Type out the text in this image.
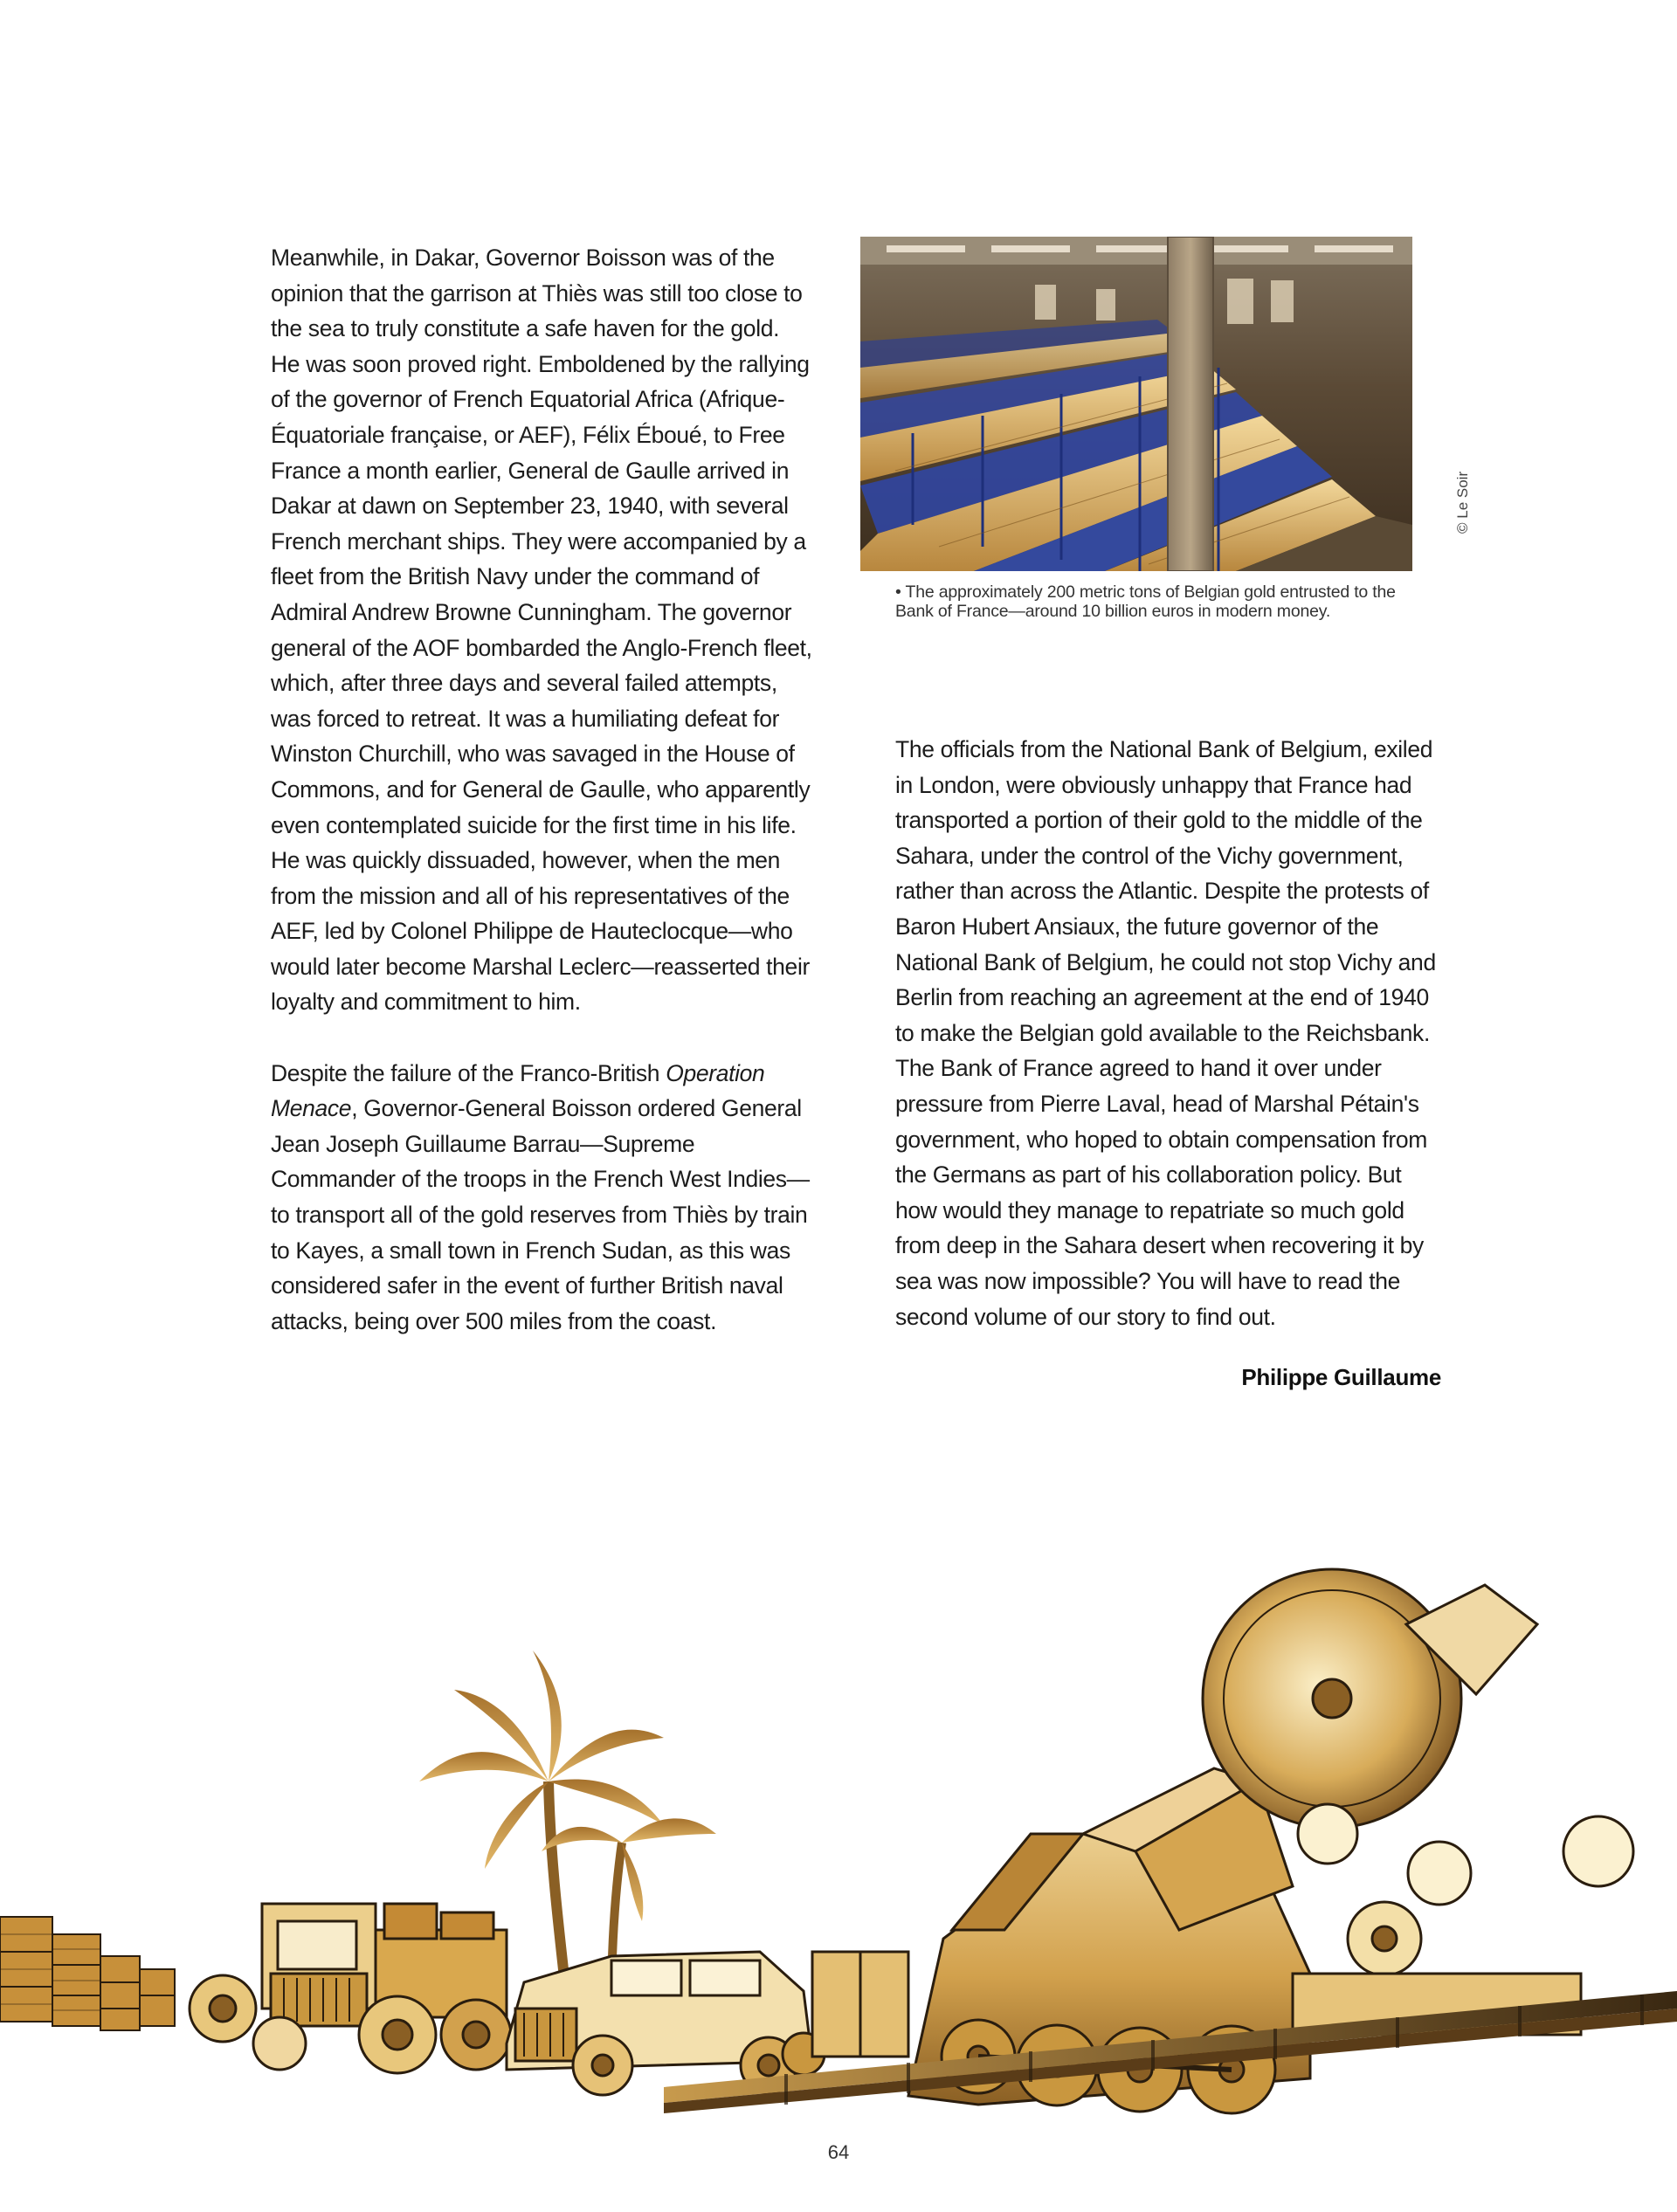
Meanwhile, in Dakar, Governor Boisson was of the opinion that the garrison at Thiès was still too close to the sea to truly constitute a safe haven for the gold. He was soon proved right. Emboldened by the rallying of the governor of French Equatorial Africa (Afrique-Équatoriale française, or AEF), Félix Éboué, to Free France a month earlier, General de Gaulle arrived in Dakar at dawn on September 23, 1940, with several French merchant ships. They were accompanied by a fleet from the British Navy under the command of Admiral Andrew Browne Cunningham. The governor general of the AOF bombarded the Anglo-French fleet, which, after three days and several failed attempts, was forced to retreat. It was a humiliating defeat for Winston Churchill, who was savaged in the House of Commons, and for General de Gaulle, who apparently even contemplated suicide for the first time in his life. He was quickly dissuaded, however, when the men from the mission and all of his representatives of the AEF, led by Colonel Philippe de Hauteclocque—who would later become Marshal Leclerc—reasserted their loyalty and commitment to him.

Despite the failure of the Franco-British Operation Menace, Governor-General Boisson ordered General Jean Joseph Guillaume Barrau—Supreme Commander of the troops in the French West Indies—to transport all of the gold reserves from Thiès by train to Kayes, a small town in French Sudan, as this was considered safer in the event of further British naval attacks, being over 500 miles from the coast.

© Le Soir
• The approximately 200 metric tons of Belgian gold entrusted to the Bank of France—around 10 billion euros in modern money.

The officials from the National Bank of Belgium, exiled in London, were obviously unhappy that France had transported a portion of their gold to the middle of the Sahara, under the control of the Vichy government, rather than across the Atlantic. Despite the protests of Baron Hubert Ansiaux, the future governor of the National Bank of Belgium, he could not stop Vichy and Berlin from reaching an agreement at the end of 1940 to make the Belgian gold available to the Reichsbank. The Bank of France agreed to hand it over under pressure from Pierre Laval, head of Marshal Pétain's government, who hoped to obtain compensation from the Germans as part of his collaboration policy. But how would they manage to repatriate so much gold from deep in the Sahara desert when recovering it by sea was now impossible? You will have to read the second volume of our story to find out.

Philippe Guillaume
64
